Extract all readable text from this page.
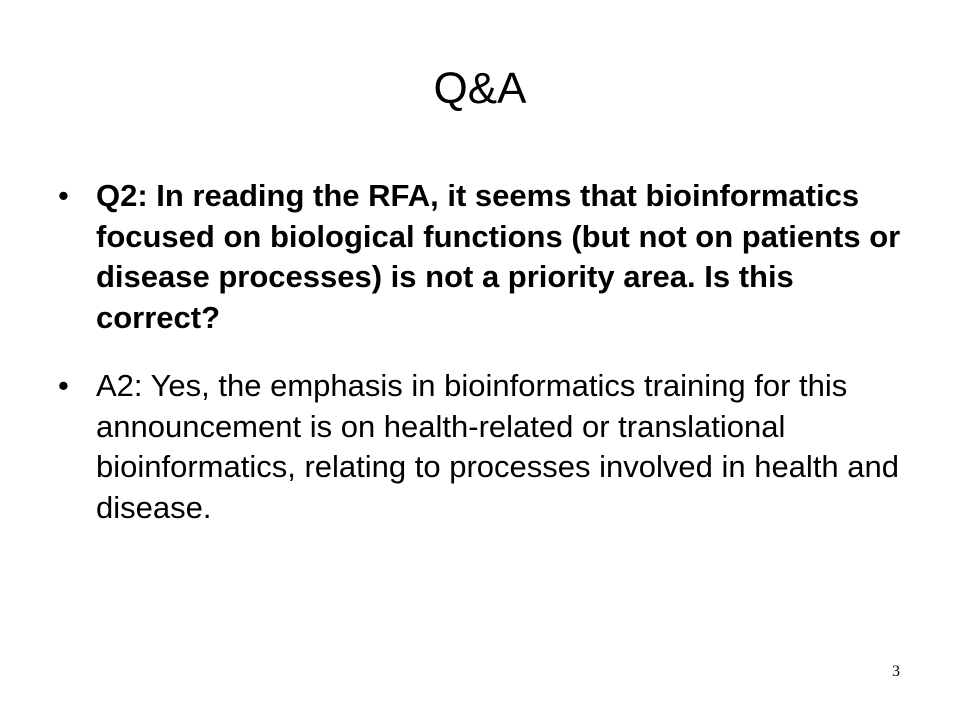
Q&A
• Q2: In reading the RFA, it seems that bioinformatics focused on biological functions (but not on patients or disease processes) is not a priority area. Is this correct?
• A2: Yes, the emphasis in bioinformatics training for this announcement is on health-related or translational bioinformatics, relating to processes involved in health and disease.
3
